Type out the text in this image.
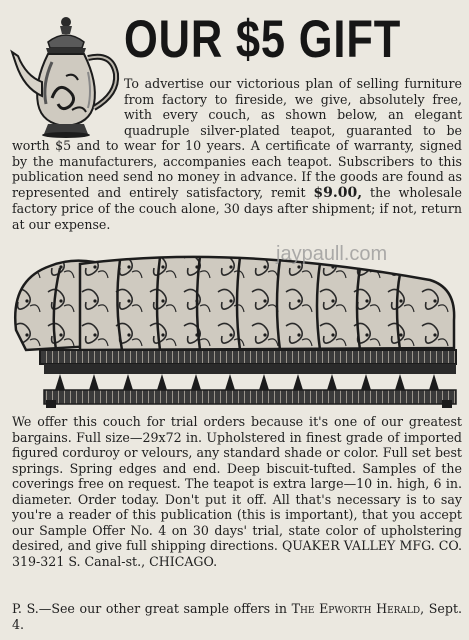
OUR $5 GIFT
To advertise our victorious plan of selling furniture from factory to fireside, we give, absolutely free, with every couch, as shown below, an elegant quadruple silver-plated teapot, guaranted to be worth $5 and to wear for 10 years. A certificate of warranty, signed by the manufacturers, accompanies each teapot. Subscribers to this publication need send no money in advance. If the goods are found as represented and entirely satisfactory, remit $9.00, the wholesale factory price of the couch alone, 30 days after shipment; if not, return at our expense.
jaypaull.com
We offer this couch for trial orders because it's one of our greatest bargains. Full size—29x72 in. Upholstered in finest grade of imported figured corduroy or velours, any standard shade or color. Full set best springs. Spring edges and end. Deep biscuit-tufted. Samples of the coverings free on request. The teapot is extra large—10 in. high, 6 in. diameter. Order today. Don't put it off. All that's necessary is to say you're a reader of this publication (this is important), that you accept our Sample Offer No. 4 on 30 days' trial, state color of upholstering desired, and give full shipping directions. QUAKER VALLEY MFG. CO. 319-321 S. Canal-st., CHICAGO.
P. S.—See our other great sample offers in The Epworth Herald, Sept. 4.
